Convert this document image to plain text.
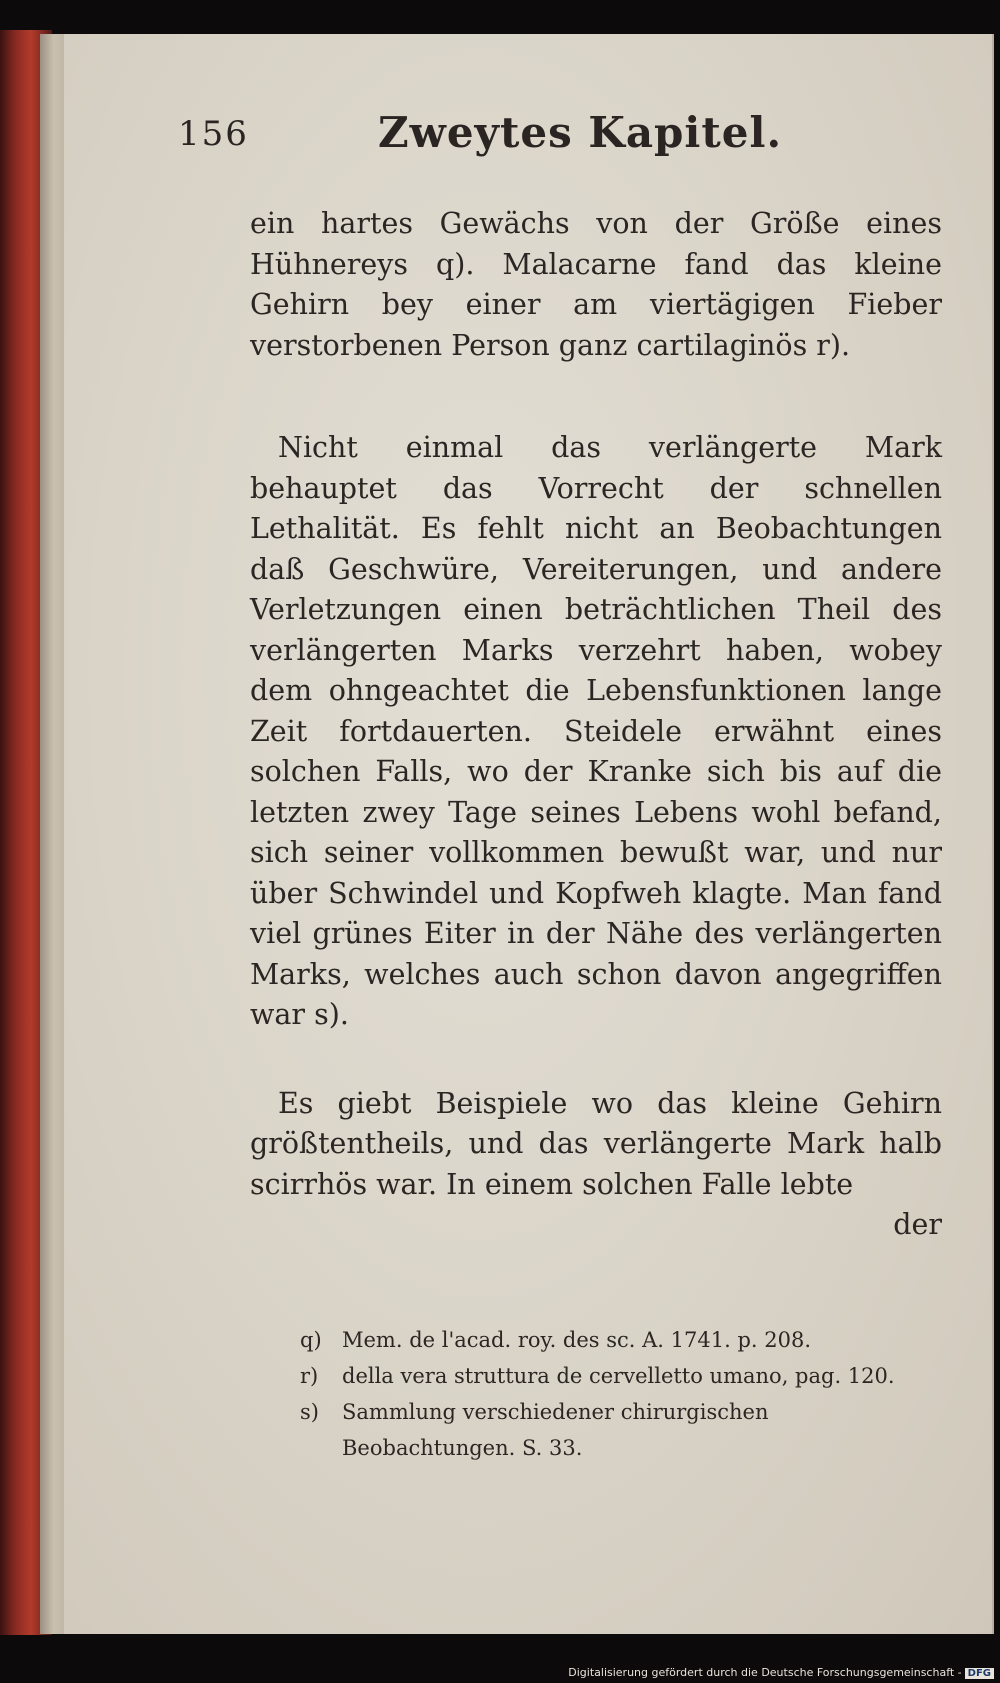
156	Zweytes Kapitel.

ein hartes Gewächs von der Größe eines Hühnereys q). Malacarne fand das kleine Gehirn bey einer am viertägigen Fieber verstorbenen Person ganz cartilaginös r).

Nicht einmal das verlängerte Mark behauptet das Vorrecht der schnellen Lethalität. Es fehlt nicht an Beobachtungen daß Geschwüre, Vereiterungen, und andere Verletzungen einen beträchtlichen Theil des verlängerten Marks verzehrt haben, wobey dem ohngeachtet die Lebensfunktionen lange Zeit fortdauerten. Steidele erwähnt eines solchen Falls, wo der Kranke sich bis auf die letzten zwey Tage seines Lebens wohl befand, sich seiner vollkommen bewußt war, und nur über Schwindel und Kopfweh klagte. Man fand viel grünes Eiter in der Nähe des verlängerten Marks, welches auch schon davon angegriffen war s).

Es giebt Beispiele wo das kleine Gehirn größtentheils, und das verlängerte Mark halb scirrhös war. In einem solchen Falle lebte

der

q) Mem. de l'acad. roy. des sc. A. 1741. p. 208.

r)	della vera struttura de cervelletto umano, pag. 120.

s)	Sammlung verschiedener chirurgischen Beobachtungen. S. 33.

Digitalisierung gefördert durch die Deutsche Forschungsgemeinschaft - DFG
